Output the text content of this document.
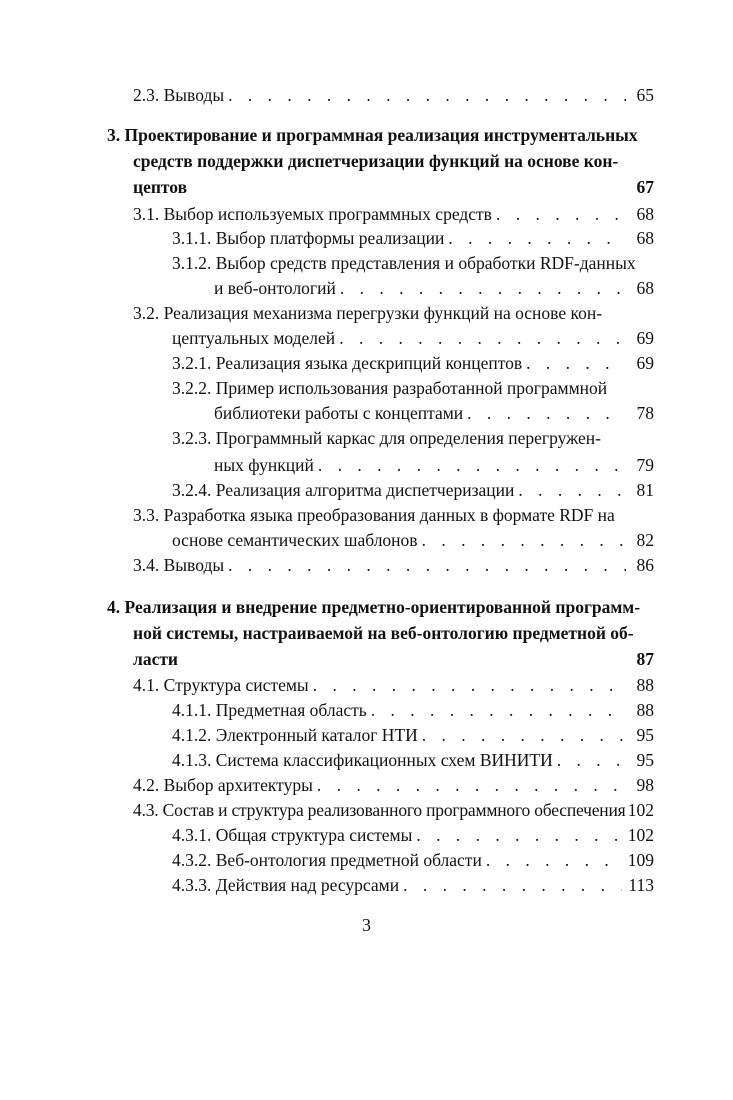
2.3. Выводы . . .	65
3. Проектирование и программная реализация инструментальных
средств поддержки диспетчеризации функций на основе кон-
цептов	67
3.1. Выбор используемых программных средств . . .	68
3.1.1. Выбор платформы реализации . . .	68
3.1.2. Выбор средств представления и обработки RDF-данных
и веб-онтологий . . .	68
3.2. Реализация механизма перегрузки функций на основе кон-
цептуальных моделей . . .	69
3.2.1. Реализация языка дескрипций концептов . . .	69
3.2.2. Пример использования разработанной программной
библиотеки работы с концептами . . .	78
3.2.3. Программный каркас для определения перегружен-
ных функций . . .	79
3.2.4. Реализация алгоритма диспетчеризации . . .	81
3.3. Разработка языка преобразования данных в формате RDF на
основе семантических шаблонов . . .	82
3.4. Выводы . . .	86
4. Реализация и внедрение предметно-ориентированной программ-
ной системы, настраиваемой на веб-онтологию предметной об-
ласти	87
4.1. Структура системы . . .	88
4.1.1. Предметная область . . .	88
4.1.2. Электронный каталог НТИ . . .	95
4.1.3. Система классификационных схем ВИНИТИ . . .	95
4.2. Выбор архитектуры . . .	98
4.3. Состав и структура реализованного программного обеспечения 102
4.3.1. Общая структура системы . . .	102
4.3.2. Веб-онтология предметной области . . .	109
4.3.3. Действия над ресурсами . . .	113
3
